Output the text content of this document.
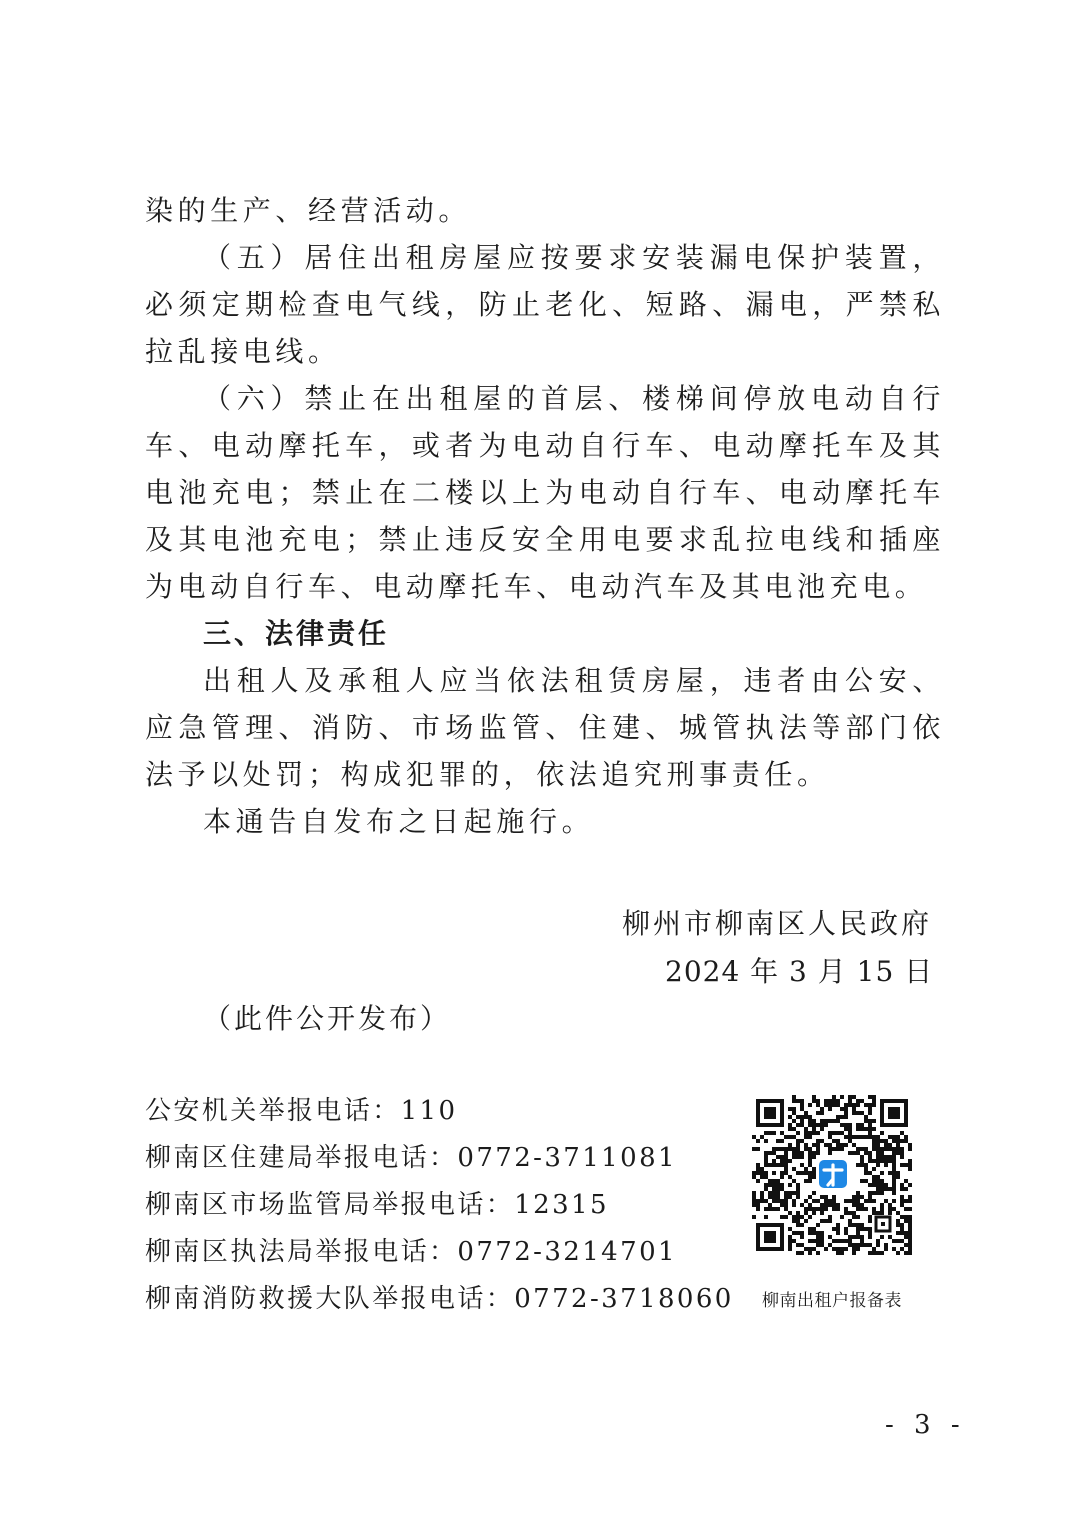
染的生产、经营活动。

（五）居住出租房屋应按要求安装漏电保护装置，必须定期检查电气线，防止老化、短路、漏电，严禁私拉乱接电线。

（六）禁止在出租屋的首层、楼梯间停放电动自行车、电动摩托车，或者为电动自行车、电动摩托车及其电池充电；禁止在二楼以上为电动自行车、电动摩托车及其电池充电；禁止违反安全用电要求乱拉电线和插座为电动自行车、电动摩托车、电动汽车及其电池充电。

三、法律责任

出租人及承租人应当依法租赁房屋，违者由公安、应急管理、消防、市场监管、住建、城管执法等部门依法予以处罚；构成犯罪的，依法追究刑事责任。

本通告自发布之日起施行。

柳州市柳南区人民政府
2024 年 3 月 15 日
（此件公开发布）
公安机关举报电话：110
柳南区住建局举报电话：0772-3711081
柳南区市场监管局举报电话：12315
柳南区执法局举报电话：0772-3214701
柳南消防救援大队举报电话：0772-3718060	柳南出租户报备表
- 3 -
